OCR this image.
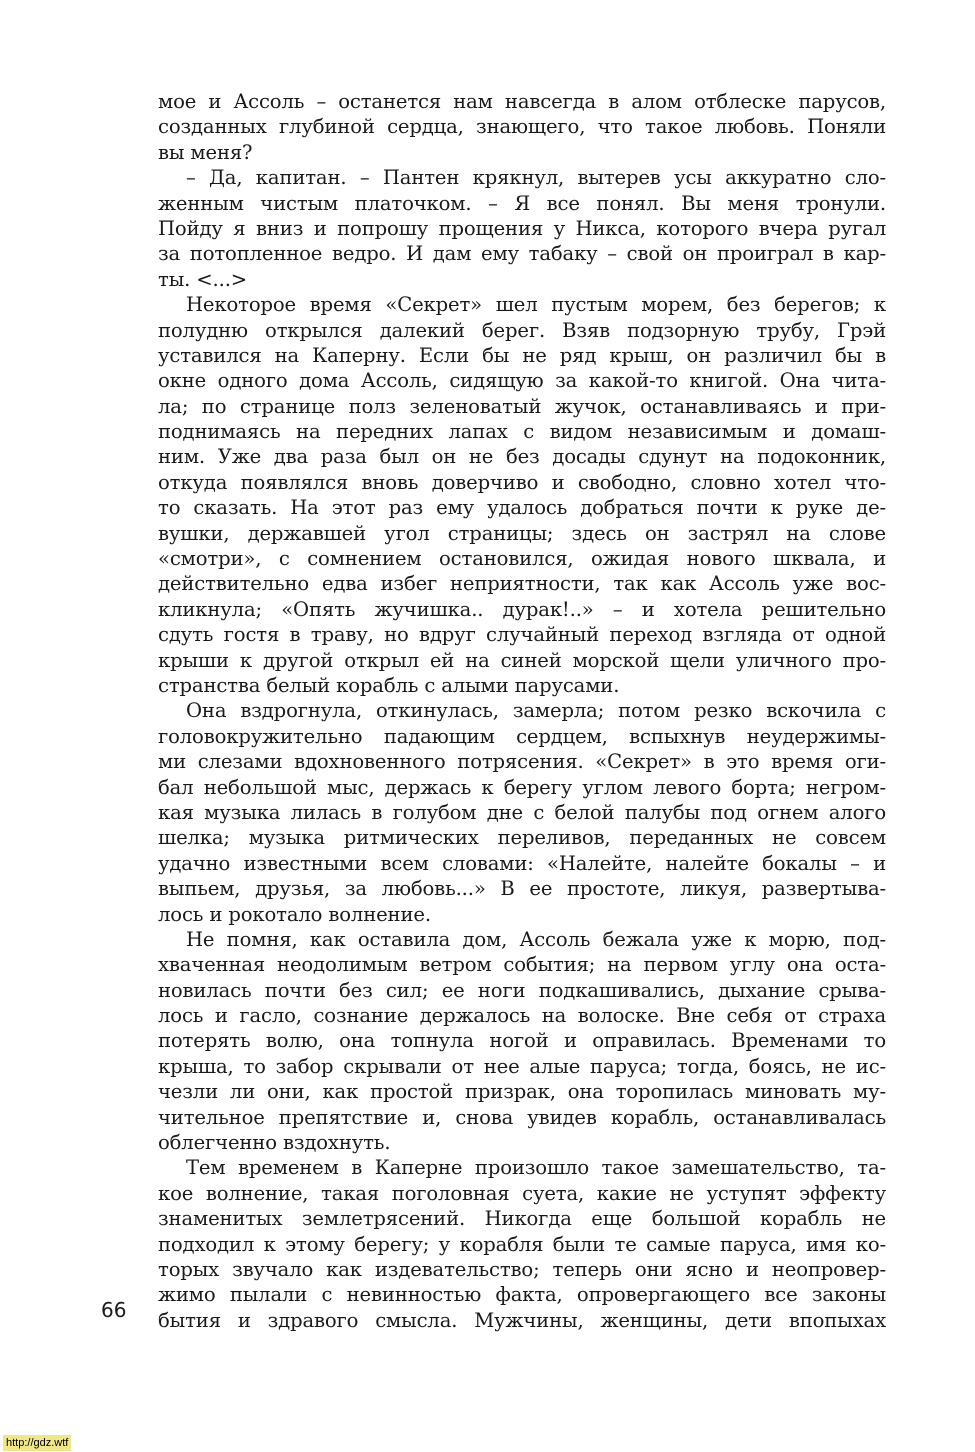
мое и Ассоль – останется нам навсегда в алом отблеске парусов,
созданных глубиной сердца, знающего, что такое любовь. Поняли
вы меня?
– Да, капитан. – Пантен крякнул, вытерев усы аккуратно сло-
женным чистым платочком. – Я все понял. Вы меня тронули.
Пойду я вниз и попрошу прощения у Никса, которого вчера ругал
за потопленное ведро. И дам ему табаку – свой он проиграл в кар-
ты. <...>
Некоторое время «Секрет» шел пустым морем, без берегов; к
полудню открылся далекий берег. Взяв подзорную трубу, Грэй
уставился на Каперну. Если бы не ряд крыш, он различил бы в
окне одного дома Ассоль, сидящую за какой-то книгой. Она чита-
ла; по странице полз зеленоватый жучок, останавливаясь и при-
поднимаясь на передних лапах с видом независимым и домаш-
ним. Уже два раза был он не без досады сдунут на подоконник,
откуда появлялся вновь доверчиво и свободно, словно хотел что-
то сказать. На этот раз ему удалось добраться почти к руке де-
вушки, державшей угол страницы; здесь он застрял на слове
«смотри», с сомнением остановился, ожидая нового шквала, и
действительно едва избег неприятности, так как Ассоль уже вос-
кликнула; «Опять жучишка.. дурак!..» – и хотела решительно
сдуть гостя в траву, но вдруг случайный переход взгляда от одной
крыши к другой открыл ей на синей морской щели уличного про-
странства белый корабль с алыми парусами.
Она вздрогнула, откинулась, замерла; потом резко вскочила с
головокружительно падающим сердцем, вспыхнув неудержимы-
ми слезами вдохновенного потрясения. «Секрет» в это время оги-
бал небольшой мыс, держась к берегу углом левого борта; негром-
кая музыка лилась в голубом дне с белой палубы под огнем алого
шелка; музыка ритмических переливов, переданных не совсем
удачно известными всем словами: «Налейте, налейте бокалы – и
выпьем, друзья, за любовь...» В ее простоте, ликуя, развертыва-
лось и рокотало волнение.
Не помня, как оставила дом, Ассоль бежала уже к морю, под-
хваченная неодолимым ветром события; на первом углу она оста-
новилась почти без сил; ее ноги подкашивались, дыхание срыва-
лось и гасло, сознание держалось на волоске. Вне себя от страха
потерять волю, она топнула ногой и оправилась. Временами то
крыша, то забор скрывали от нее алые паруса; тогда, боясь, не ис-
чезли ли они, как простой призрак, она торопилась миновать му-
чительное препятствие и, снова увидев корабль, останавливалась
облегченно вздохнуть.
Тем временем в Каперне произошло такое замешательство, та-
кое волнение, такая поголовная суета, какие не уступят эффекту
знаменитых землетрясений. Никогда еще большой корабль не
подходил к этому берегу; у корабля были те самые паруса, имя ко-
торых звучало как издевательство; теперь они ясно и неопровер-
жимо пылали с невинностью факта, опровергающего все законы
бытия и здравого смысла. Мужчины, женщины, дети впопыхах
66
http://gdz.wtf
